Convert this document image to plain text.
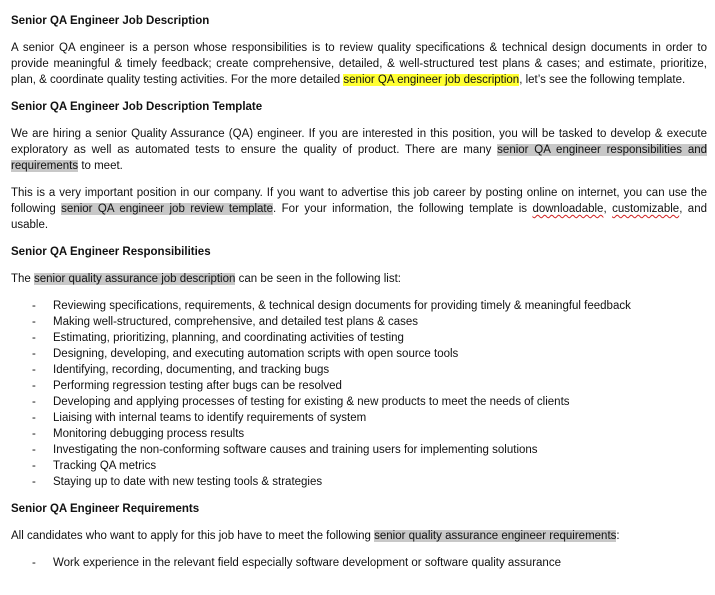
Senior QA Engineer Job Description

A senior QA engineer is a person whose responsibilities is to review quality specifications & technical design documents in order to provide meaningful & timely feedback; create comprehensive, detailed, & well-structured test plans & cases; and estimate, prioritize, plan, & coordinate quality testing activities. For the more detailed senior QA engineer job description, let’s see the following template.

Senior QA Engineer Job Description Template

We are hiring a senior Quality Assurance (QA) engineer. If you are interested in this position, you will be tasked to develop & execute exploratory as well as automated tests to ensure the quality of product. There are many senior QA engineer responsibilities and requirements to meet.

This is a very important position in our company. If you want to advertise this job career by posting online on internet, you can use the following senior QA engineer job review template. For your information, the following template is downloadable, customizable, and usable.

Senior QA Engineer Responsibilities

The senior quality assurance job description can be seen in the following list:

- Reviewing specifications, requirements, & technical design documents for providing timely & meaningful feedback
- Making well-structured, comprehensive, and detailed test plans & cases
- Estimating, prioritizing, planning, and coordinating activities of testing
- Designing, developing, and executing automation scripts with open source tools
- Identifying, recording, documenting, and tracking bugs
- Performing regression testing after bugs can be resolved
- Developing and applying processes of testing for existing & new products to meet the needs of clients
- Liaising with internal teams to identify requirements of system
- Monitoring debugging process results
- Investigating the non-conforming software causes and training users for implementing solutions
- Tracking QA metrics
- Staying up to date with new testing tools & strategies
Senior QA Engineer Requirements

All candidates who want to apply for this job have to meet the following senior quality assurance engineer requirements:

- Work experience in the relevant field especially software development or software quality assurance
